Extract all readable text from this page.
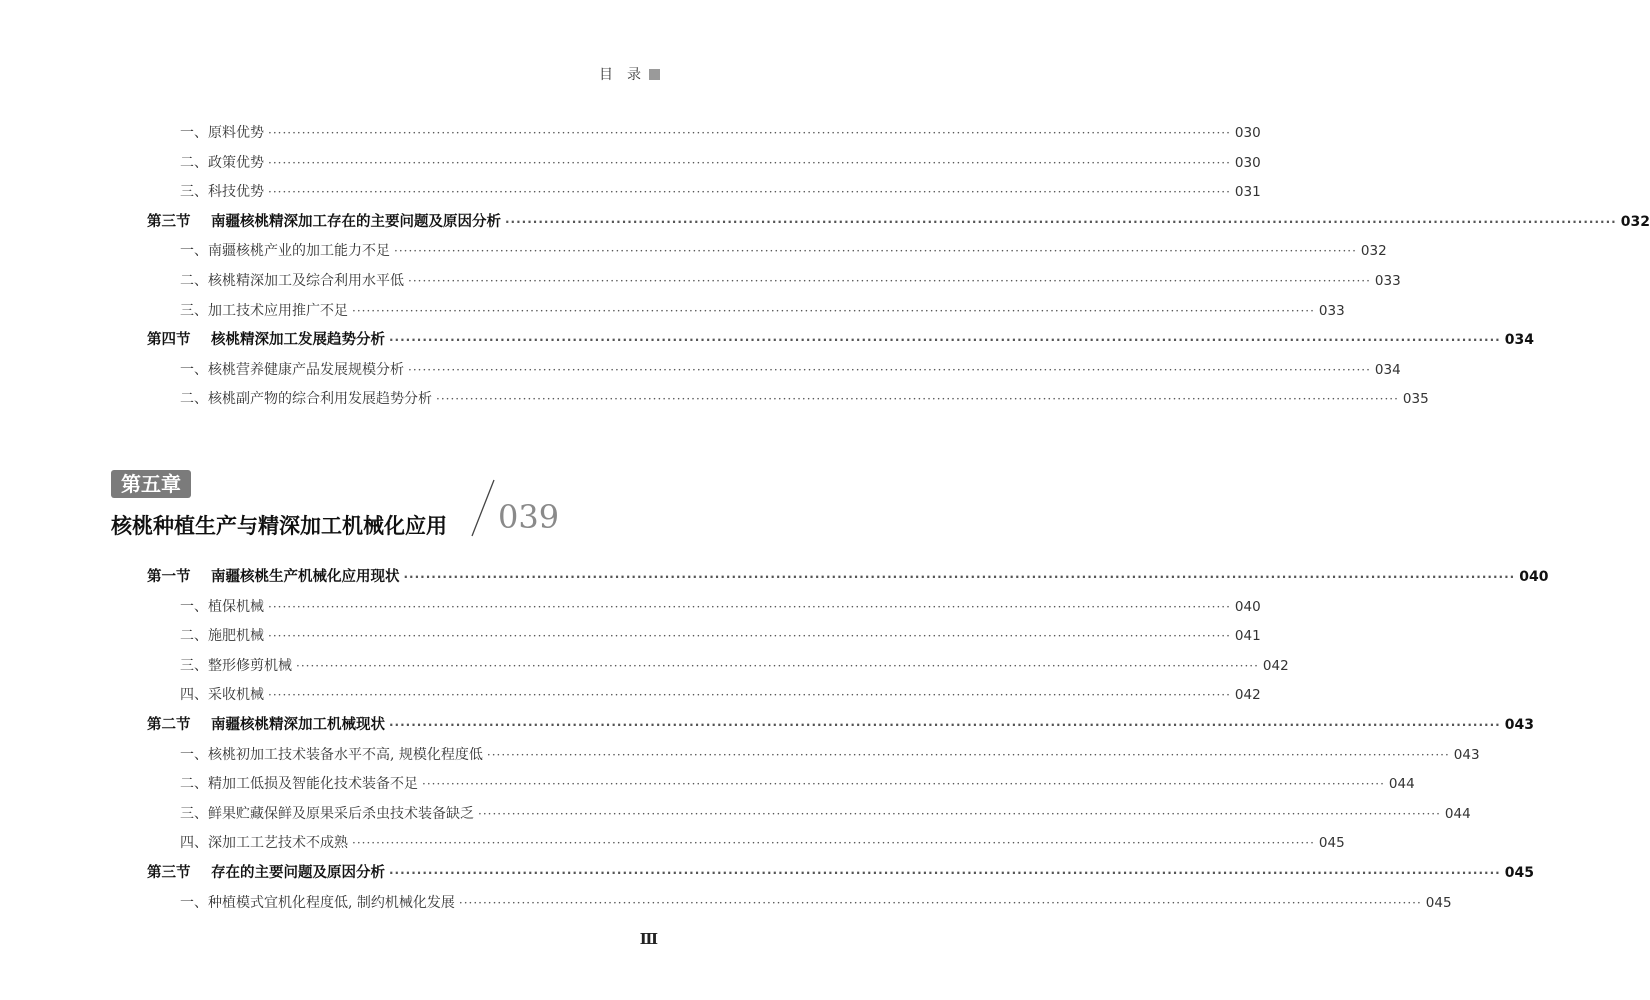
目　录
一、原料优势 ········································································································································································································ 030
二、政策优势 ········································································································································································································ 030
三、科技优势 ········································································································································································································ 031
第三节 南疆核桃精深加工存在的主要问题及原因分析 ········································································································································································································ 032
一、南疆核桃产业的加工能力不足 ········································································································································································································ 032
二、核桃精深加工及综合利用水平低 ········································································································································································································ 033
三、加工技术应用推广不足 ········································································································································································································ 033
第四节 核桃精深加工发展趋势分析 ········································································································································································································ 034
一、核桃营养健康产品发展规模分析 ········································································································································································································ 034
二、核桃副产物的综合利用发展趋势分析 ········································································································································································································ 035
第五章
核桃种植生产与精深加工机械化应用 039
第一节 南疆核桃生产机械化应用现状 ········································································································································································································ 040
一、植保机械 ········································································································································································································ 040
二、施肥机械 ········································································································································································································ 041
三、整形修剪机械 ········································································································································································································ 042
四、采收机械 ········································································································································································································ 042
第二节 南疆核桃精深加工机械现状 ········································································································································································································ 043
一、核桃初加工技术装备水平不高, 规模化程度低 ········································································································································································································ 043
二、精加工低损及智能化技术装备不足 ········································································································································································································ 044
三、鲜果贮藏保鲜及原果采后杀虫技术装备缺乏 ········································································································································································································ 044
四、深加工工艺技术不成熟 ········································································································································································································ 045
第三节 存在的主要问题及原因分析 ········································································································································································································ 045
一、种植模式宜机化程度低, 制约机械化发展 ········································································································································································································ 045
Ⅲ
